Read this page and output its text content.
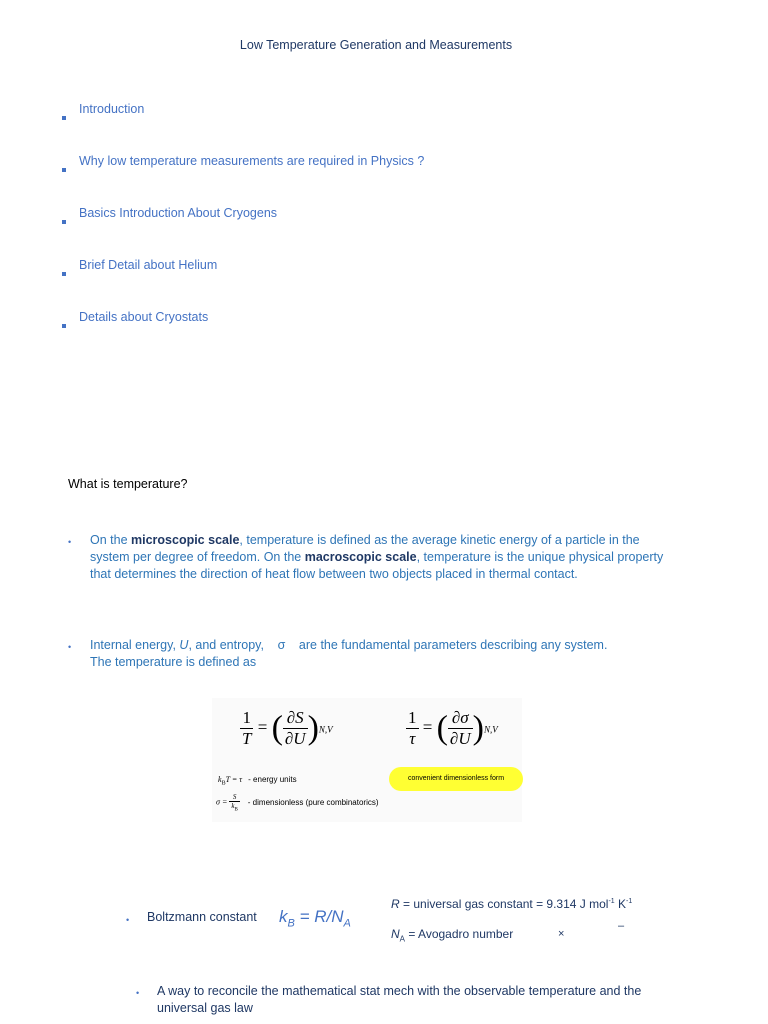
Low Temperature Generation and Measurements
Introduction
Why low temperature measurements are required in Physics ?
Basics Introduction About Cryogens
Brief Detail about Helium
Details about Cryostats
What is temperature?
• On the microscopic scale, temperature is defined as the average kinetic energy of a particle in the system per degree of freedom. On the macroscopic scale, temperature is the unique physical property that determines the direction of heat flow between two objects placed in thermal contact.
• Internal energy, U, and entropy, σ are the fundamental parameters describing any system.
The temperature is defined as
$\frac{1}{T}$ = ( $\frac{\partial S}{\partial U} )N,V$	$\frac{1}{\tau}$ = ( $\frac{\partial\sigma}{\partial U} )N,V$
$k_BT = \tau$ - energy units
$\sigma = \frac{S}{k_B}$ - dimensionless (pure combinatorics)
convenient dimensionless form
• Boltzmann constant $k_B = R/N_A$
R = universal gas constant = 9.314 J mol$^{-1}$ $K^{-1}$
$N_A$ = Avogadro number	×
–
• A way to reconcile the mathematical stat mech with the observable temperature and the universal gas law
